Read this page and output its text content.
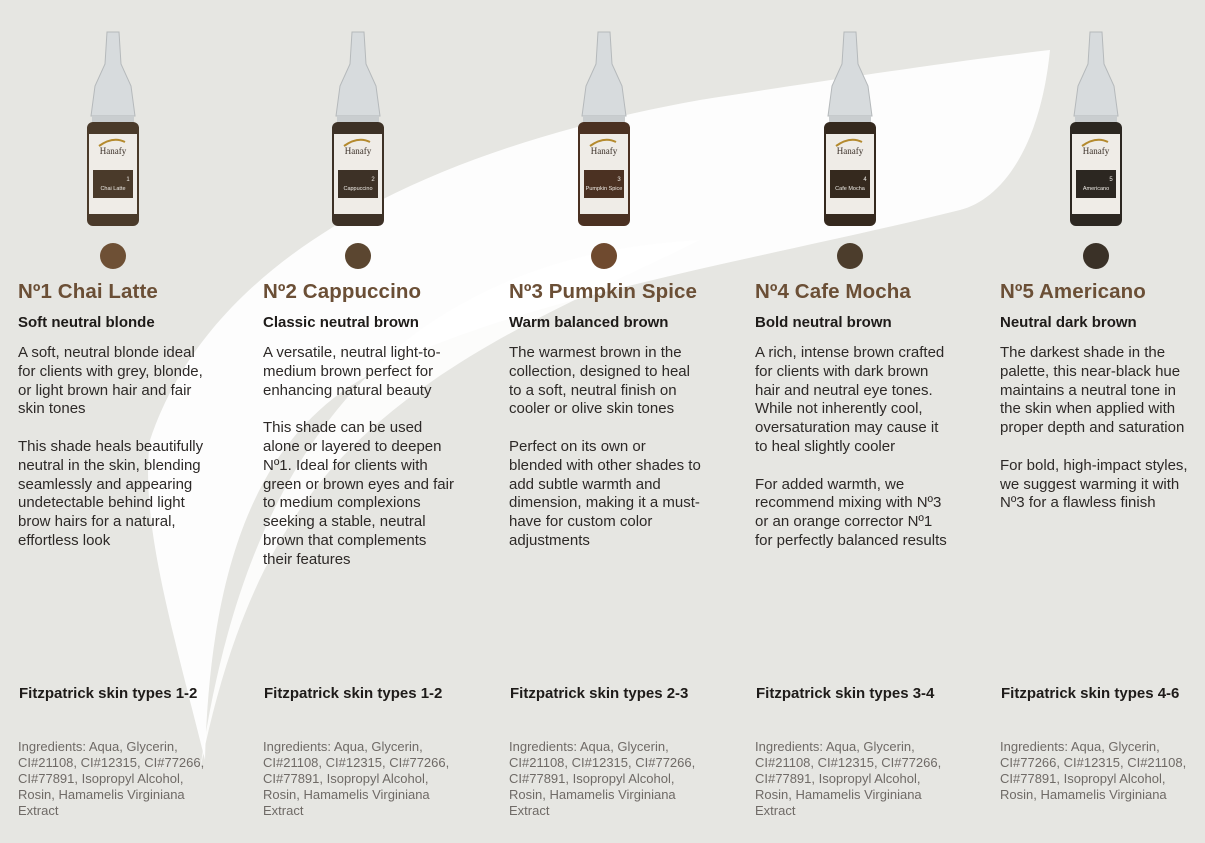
Hanafy
Chai Latte
1
Nº1 Chai Latte
Soft neutral blonde

A soft, neutral blonde ideal for clients with grey, blonde, or light brown hair and fair skin tones

This shade heals beautifully neutral in the skin, blending seamlessly and appearing undetectable behind light brow hairs for a natural, effortless look

Fitzpatrick skin types 1-2
Ingredients: Aqua, Glycerin, CI#21108, CI#12315, CI#77266, CI#77891, Isopropyl Alcohol, Rosin, Hamamelis Virginiana Extract
Hanafy
Cappuccino
2
Nº2 Cappuccino
Classic neutral brown

A versatile, neutral light-to-medium brown perfect for enhancing natural beauty

This shade can be used alone or layered to deepen Nº1. Ideal for clients with green or brown eyes and fair to medium complexions seeking a stable, neutral brown that complements their features

Fitzpatrick skin types 1-2
Ingredients: Aqua, Glycerin, CI#21108, CI#12315, CI#77266, CI#77891, Isopropyl Alcohol, Rosin, Hamamelis Virginiana Extract
Hanafy
Pumpkin Spice
3
Nº3 Pumpkin Spice
Warm balanced brown

The warmest brown in the collection, designed to heal to a soft, neutral finish on cooler or olive skin tones

Perfect on its own or blended with other shades to add subtle warmth and dimension, making it a must-have for custom color adjustments

Fitzpatrick skin types 2-3
Ingredients: Aqua, Glycerin, CI#21108, CI#12315, CI#77266, CI#77891, Isopropyl Alcohol, Rosin, Hamamelis Virginiana Extract
Hanafy
Cafe Mocha
4
Nº4 Cafe Mocha
Bold neutral brown

A rich, intense brown crafted for clients with dark brown hair and neutral eye tones. While not inherently cool, oversaturation may cause it to heal slightly cooler

For added warmth, we recommend mixing with Nº3 or an orange corrector Nº1 for perfectly balanced results

Fitzpatrick skin types 3-4
Ingredients: Aqua, Glycerin, CI#21108, CI#12315, CI#77266, CI#77891, Isopropyl Alcohol, Rosin, Hamamelis Virginiana Extract
Hanafy
Americano
5
Nº5 Americano
Neutral dark brown

The darkest shade in the palette, this near-black hue maintains a neutral tone in the skin when applied with proper depth and saturation

For bold, high-impact styles, we suggest warming it with Nº3 for a flawless finish

Fitzpatrick skin types 4-6
Ingredients: Aqua, Glycerin, CI#77266, CI#12315, CI#21108, CI#77891, Isopropyl Alcohol, Rosin, Hamamelis Virginiana
